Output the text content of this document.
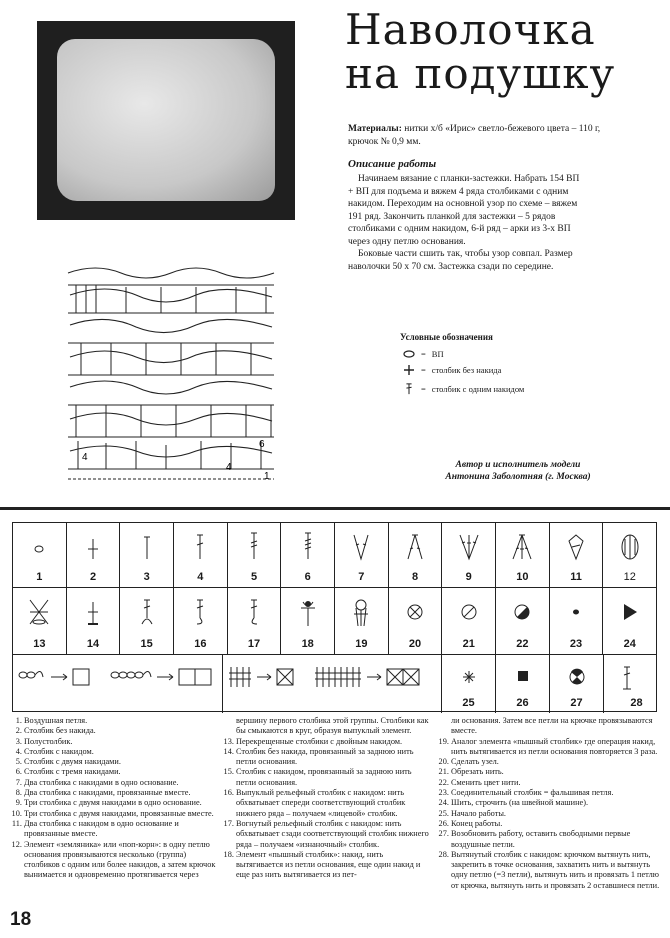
Наволочка
на подушку
Материалы: нитки х/б «Ирис» светло-бежевого цвета – 110 г, крючок № 0,9 мм.
Описание работы

Начинаем вязание с планки-застежки. Набрать 154 ВП + ВП для подъема и вяжем 4 ряда столбиками с одним накидом. Переходим на основной узор по схеме – вяжем 191 ряд. Закончить планкой для застежки – 5 рядов столбиками с одним накидом, 6-й ряд – арки из 3-х ВП через одну петлю основания.

Боковые части сшить так, чтобы узор совпал. Размер наволочки 50 х 70 см. Застежка сзади по середине.

Условные обозначения
= ВП
= столбик без накида
= столбик с одним накидом
6
4
4
1
Автор и исполнитель модели
Антонина Заболотняя (г. Москва)
1	2	3	4	5	6	7	8	9	10	11	12
13	14	15	16	17	18	19	20	21	22	23	24
25	26	27	28
1. Воздушная петля.
2. Столбик без накида.
3. Полустолбик.
4. Столбик с накидом.
5. Столбик с двумя накидами.
6. Столбик с тремя накидами.
7. Два столбика с накидами в одно основание.
8. Два столбика с накидами, провязанные вместе.
9. Три столбика с двумя накидами в одно основание.
10. Три столбика с двумя накидами, провязанные вместе.
11. Два столбика с накидом в одно основание и провязанные вместе.
12. Элемент «земляника» или «поп-корн»: в одну петлю основания провязываются несколько (группа) столбиков с одним или более накидов, а затем крючок вынимается и одновременно протягивается через
вершину первого столбика этой группы. Столбики как бы смыкаются в круг, образуя выпуклый элемент.
13. Перекрещенные столбики с двойным накидом.
14. Столбик без накида, провязанный за заднюю нить петли основания.
15. Столбик с накидом, провязанный за заднюю нить петли основания.
16. Выпуклый рельефный столбик с накидом: нить обхватывает спереди соответствующий столбик нижнего ряда – получаем «лицевой» столбик.
17. Вогнутый рельефный столбик с накидом: нить обхватывает сзади соответствующий столбик нижнего ряда – получаем «изнаночный» столбик.
18. Элемент «пышный столбик»: накид, нить вытягивается из петли основания, еще один накид и еще раз нить вытягивается из пет-
ли основания. Затем все петли на крючке провязываются вместе.
19. Аналог элемента «пышный столбик» где операция накид, нить вытягивается из петли основания повторяется 3 раза.
20. Сделать узел.
21. Обрезать нить.
22. Сменить цвет нити.
23. Соединительный столбик = фальшивая петля.
24. Шить, строчить (на швейной машине).
25. Начало работы.
26. Конец работы.
27. Возобновить работу, оставить свободными первые воздушные петли.
28. Вытянутый столбик с накидом: крючком вытянуть нить, закрепить в точке основания, захватить нить и вытянуть одну петлю (=3 петли), вытянуть нить и провязать 1 петлю от крючка, вытянуть нить и провязать 2 оставшиеся петли.
18
